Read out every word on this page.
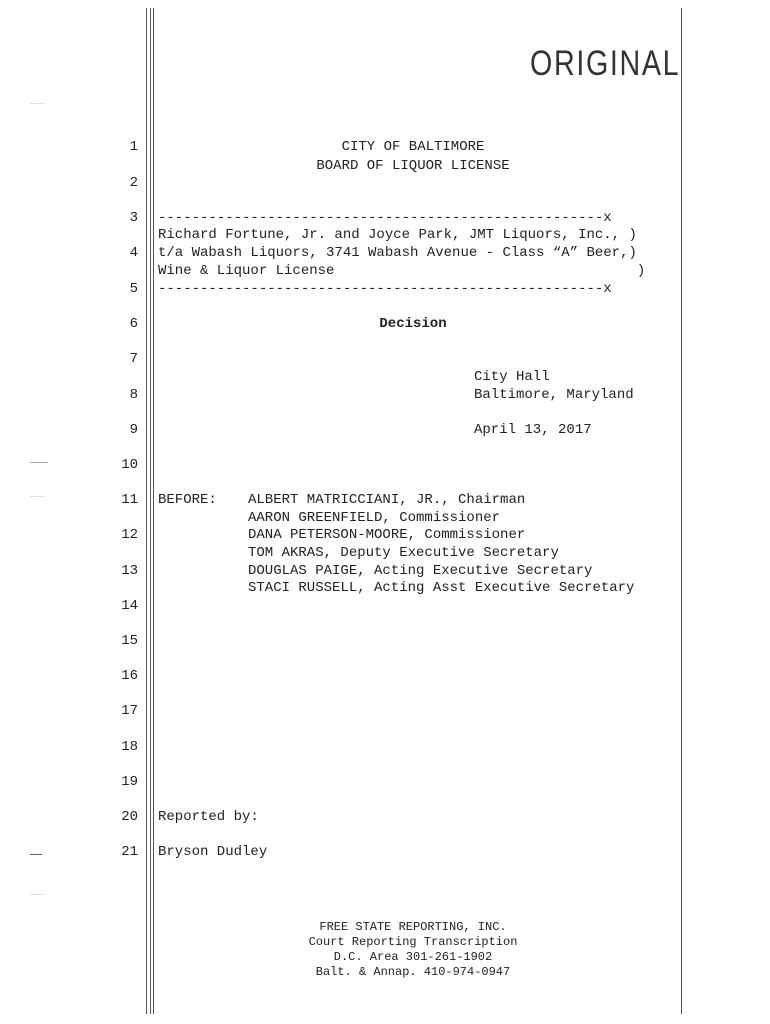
ORIGINAL
1
2
3
4
5
6
7
8
9
10
11
12
13
14
15
16
17
18
19
20
21
CITY OF BALTIMORE
BOARD OF LIQUOR LICENSE
-----------------------------------------------------x
Richard Fortune, Jr. and Joyce Park, JMT Liquors, Inc., )
t/a Wabash Liquors, 3741 Wabash Avenue - Class “A” Beer,)
Wine & Liquor License                                    )
-----------------------------------------------------x
Decision
City Hall
Baltimore, Maryland
April 13, 2017
BEFORE: ALBERT MATRICCIANI, JR., Chairman
AARON GREENFIELD, Commissioner
DANA PETERSON-MOORE, Commissioner
TOM AKRAS, Deputy Executive Secretary
DOUGLAS PAIGE, Acting Executive Secretary
STACI RUSSELL, Acting Asst Executive Secretary
Reported by:
Bryson Dudley
FREE STATE REPORTING, INC.
Court Reporting Transcription
D.C. Area 301-261-1902
Balt. & Annap. 410-974-0947
